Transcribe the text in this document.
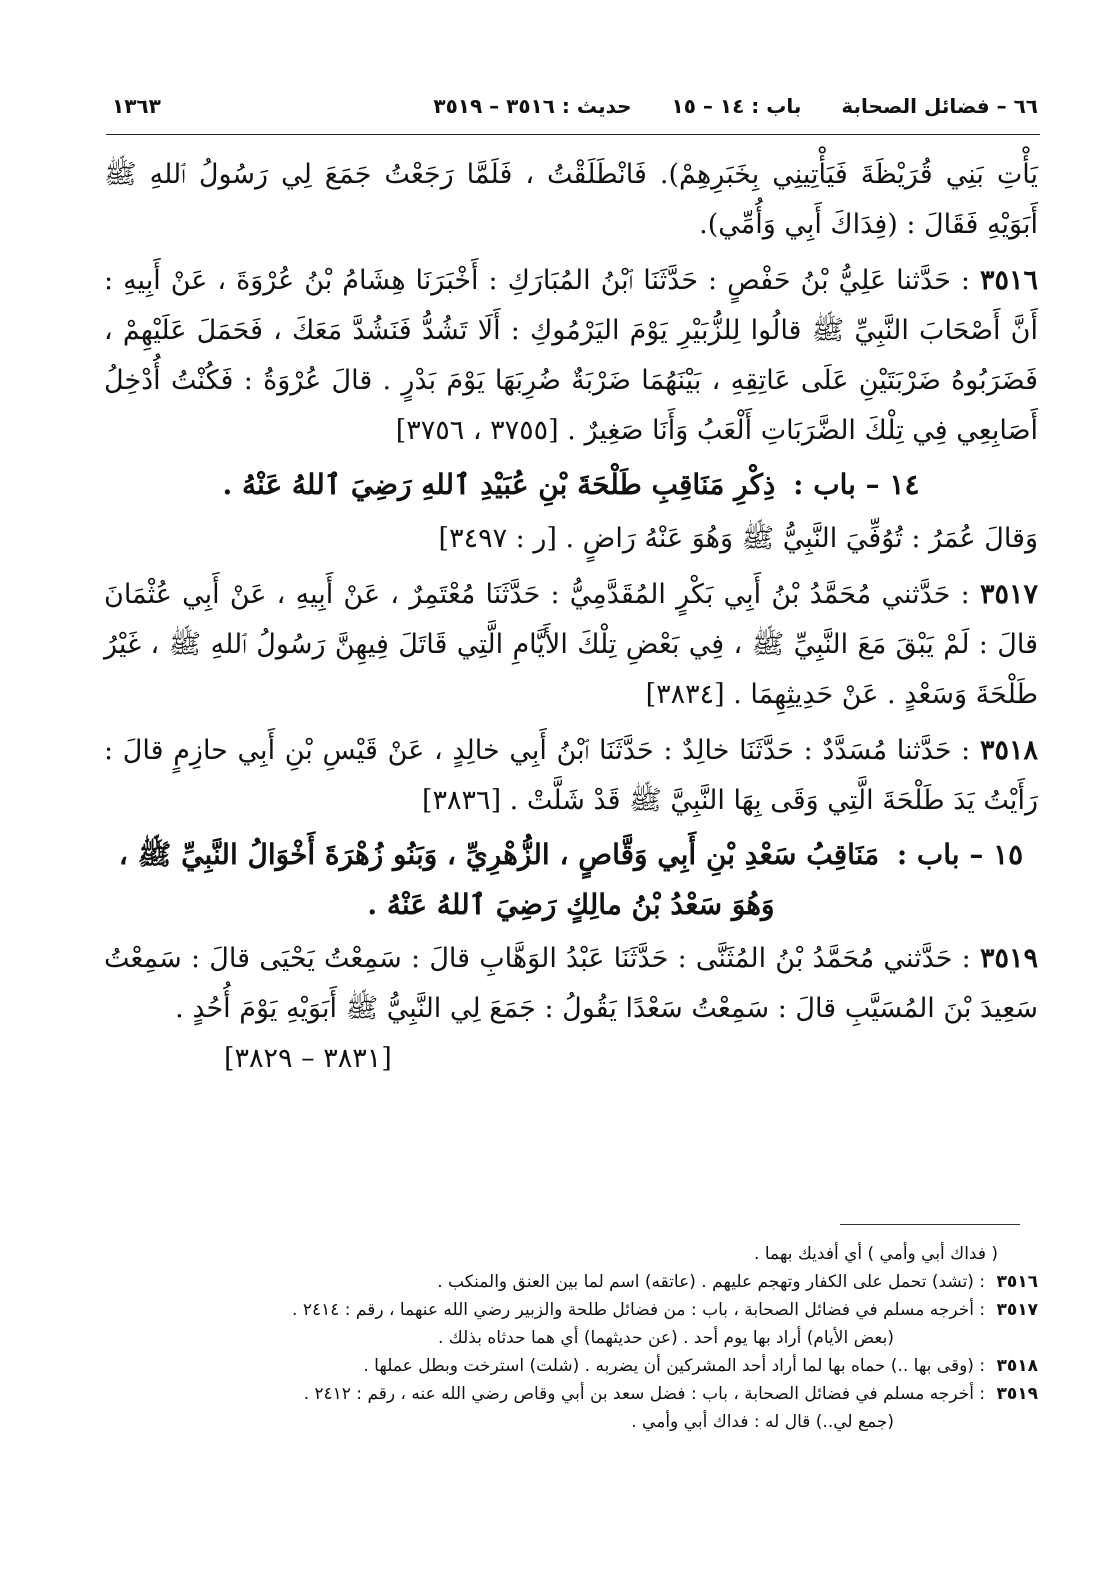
٦٦ – فضائل الصحابة
باب : ١٤ – ١٥
حديث : ٣٥١٦ – ٣٥١٩
١٣٦٣

يَأْتِ بَنِي قُرَيْظَةَ فَيَأْتِينِي بِخَبَرِهِمْ). فَانْطَلَقْتُ ، فَلَمَّا رَجَعْتُ جَمَعَ لِي رَسُولُ ٱللهِ ﷺ أَبَوَيْهِ فَقَالَ : (فِدَاكَ أَبِي وَأُمِّي).

٣٥١٦ : حَدَّثنا عَلِيُّ بْنُ حَفْصٍ : حَدَّثَنَا ٱبْنُ المُبَارَكِ : أَخْبَرَنَا هِشَامُ بْنُ عُرْوَةَ ، عَنْ أَبِيهِ : أَنَّ أَصْحَابَ النَّبِيِّ ﷺ قالُوا لِلزُّبَيْرِ يَوْمَ اليَرْمُوكِ : أَلَا تَشُدُّ فَنَشُدَّ مَعَكَ ، فَحَمَلَ عَلَيْهِمْ ، فَضَرَبُوهُ ضَرْبَتَيْنِ عَلَى عَاتِقِهِ ، بَيْنَهُمَا ضَرْبَةٌ ضُرِبَهَا يَوْمَ بَدْرٍ . قالَ عُرْوَةُ : فَكُنْتُ أُدْخِلُ أَصَابِعِي فِي تِلْكَ الضَّرَبَاتِ أَلْعَبُ وَأَنَا صَغِيرٌ . [٣٧٥٥ ، ٣٧٥٦]

١٤ – باب : ذِكْرِ مَنَاقِبِ طَلْحَةَ بْنِ عُبَيْدِ ٱللهِ رَضِيَ ٱللهُ عَنْهُ .

وَقالَ عُمَرُ : تُوُفِّيَ النَّبِيُّ ﷺ وَهُوَ عَنْهُ رَاضٍ . [ر : ٣٤٩٧]

٣٥١٧ : حَدَّثني مُحَمَّدُ بْنُ أَبِي بَكْرٍ المُقَدَّمِيُّ : حَدَّثَنَا مُعْتَمِرٌ ، عَنْ أَبِيهِ ، عَنْ أَبِي عُثْمَانَ قالَ : لَمْ يَبْقَ مَعَ النَّبِيِّ ﷺ ، فِي بَعْضِ تِلْكَ الأَيَّامِ الَّتِي قَاتَلَ فِيهِنَّ رَسُولُ ٱللهِ ﷺ ، غَيْرُ طَلْحَةَ وَسَعْدٍ . عَنْ حَدِيثِهِمَا . [٣٨٣٤]

٣٥١٨ : حَدَّثنا مُسَدَّدٌ : حَدَّثَنَا خالِدٌ : حَدَّثَنَا ٱبْنُ أَبِي خالِدٍ ، عَنْ قَيْسِ بْنِ أَبِي حازِمٍ قالَ : رَأَيْتُ يَدَ طَلْحَةَ الَّتِي وَقَى بِهَا النَّبِيَّ ﷺ قَدْ شَلَّتْ . [٣٨٣٦]

١٥ – باب : مَنَاقِبُ سَعْدِ بْنِ أَبِي وَقَّاصٍ ، الزُّهْرِيِّ ، وَبَنُو زُهْرَةَ أَخْوَالُ النَّبِيِّ ﷺ ، وَهُوَ سَعْدُ بْنُ مالِكٍ رَضِيَ ٱللهُ عَنْهُ .

٣٥١٩ : حَدَّثني مُحَمَّدُ بْنُ المُثَنَّى : حَدَّثَنَا عَبْدُ الوَهَّابِ قالَ : سَمِعْتُ يَحْيَى قالَ : سَمِعْتُ سَعِيدَ بْنَ المُسَيَّبِ قالَ : سَمِعْتُ سَعْدًا يَقُولُ : جَمَعَ لِي النَّبِيُّ ﷺ أَبَوَيْهِ يَوْمَ أُحُدٍ .

[٣٨٣١ – ٣٨٢٩]

( فداك أبي وأمي ) أي أفديك بهما .

٣٥١٦ : (تشد) تحمل على الكفار وتهجم عليهم . (عاتقه) اسم لما بين العنق والمنكب .

٣٥١٧ : أخرجه مسلم في فضائل الصحابة ، باب : من فضائل طلحة والزبير رضي الله عنهما ، رقم : ٢٤١٤ .

(بعض الأيام) أراد بها يوم أحد . (عن حديثهما) أي هما حدثاه بذلك .

٣٥١٨ : (وقى بها ..) حماه بها لما أراد أحد المشركين أن يضربه . (شلت) استرخت وبطل عملها .

٣٥١٩ : أخرجه مسلم في فضائل الصحابة ، باب : فضل سعد بن أبي وقاص رضي الله عنه ، رقم : ٢٤١٢ .

(جمع لي..) قال له : فداك أبي وأمي .
